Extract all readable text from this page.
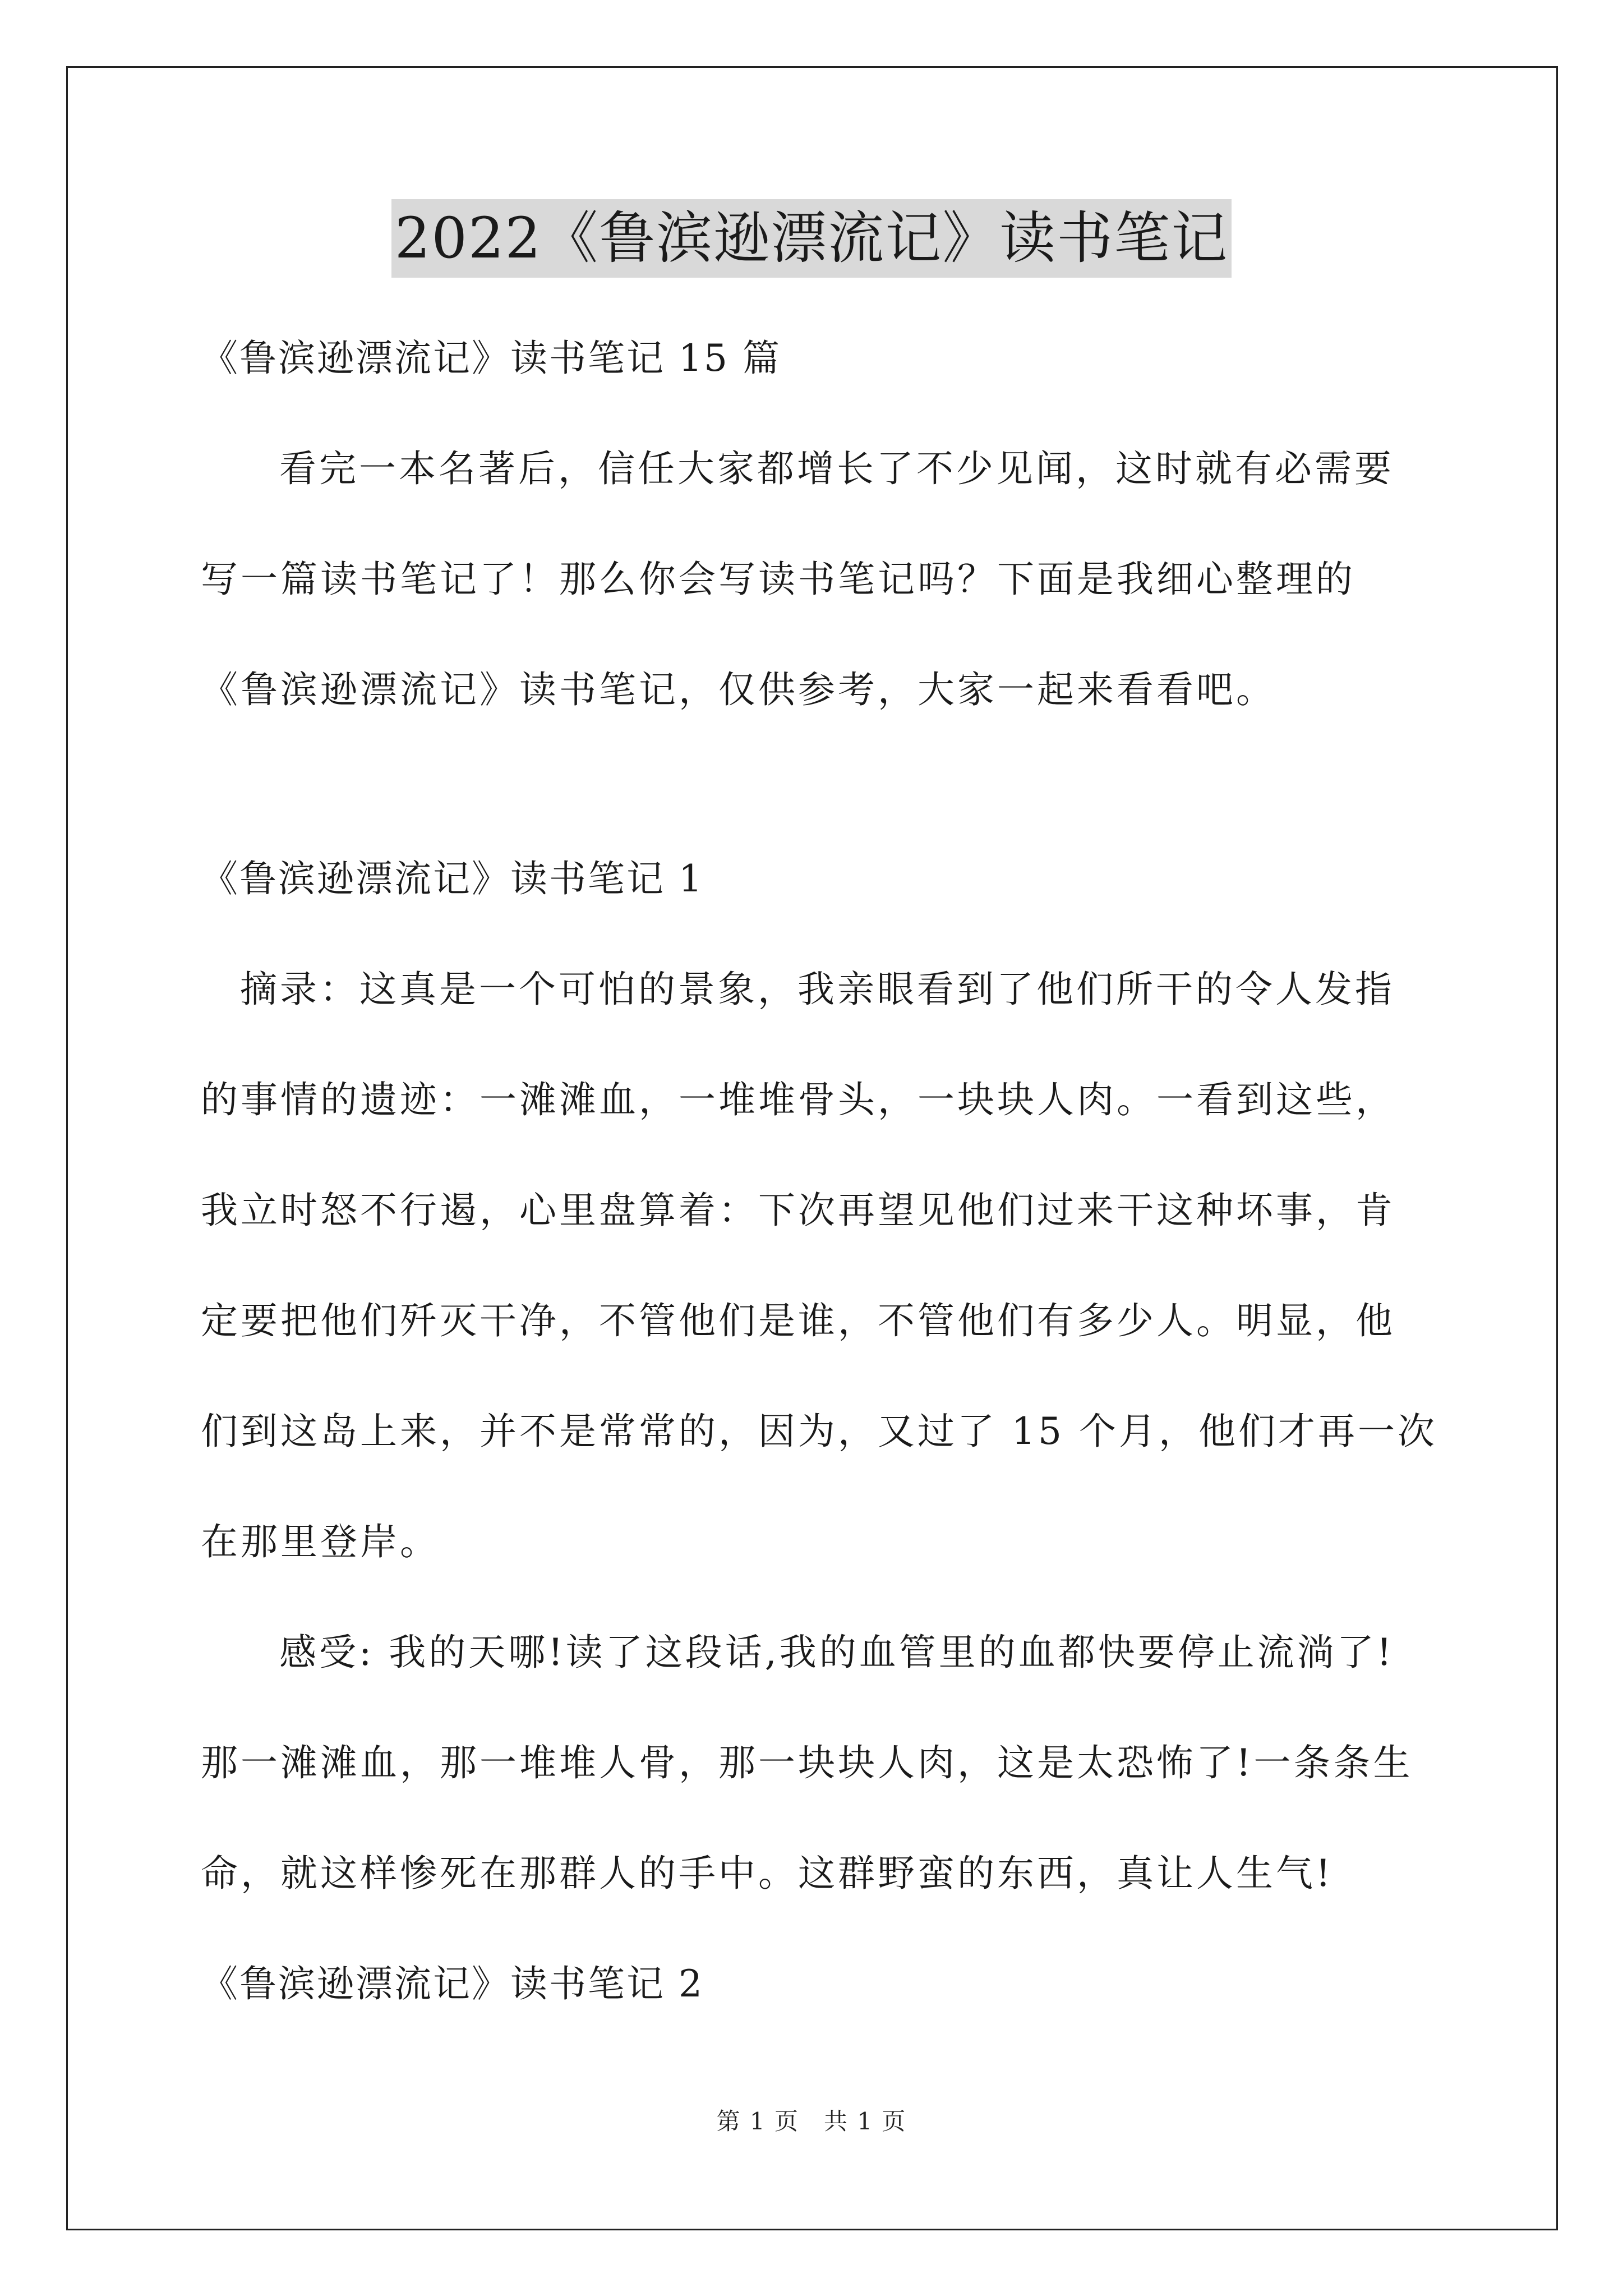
2022《鲁滨逊漂流记》读书笔记

《鲁滨逊漂流记》读书笔记 15 篇

看完一本名著后，信任大家都增长了不少见闻，这时就有必需要

写一篇读书笔记了！那么你会写读书笔记吗？下面是我细心整理的

《鲁滨逊漂流记》读书笔记，仅供参考，大家一起来看看吧。

《鲁滨逊漂流记》读书笔记 1

摘录：这真是一个可怕的景象，我亲眼看到了他们所干的令人发指

的事情的遗迹：一滩滩血，一堆堆骨头，一块块人肉。一看到这些，

我立时怒不行遏，心里盘算着：下次再望见他们过来干这种坏事，肯

定要把他们歼灭干净，不管他们是谁，不管他们有多少人。明显，他

们到这岛上来，并不是常常的，因为，又过了 15 个月，他们才再一次

在那里登岸。

感受: 我的天哪!读了这段话,我的血管里的血都快要停止流淌了!

那一滩滩血，那一堆堆人骨，那一块块人肉，这是太恐怖了!一条条生

命，就这样惨死在那群人的手中。这群野蛮的东西，真让人生气!

《鲁滨逊漂流记》读书笔记 2

第 1 页　共 1 页
